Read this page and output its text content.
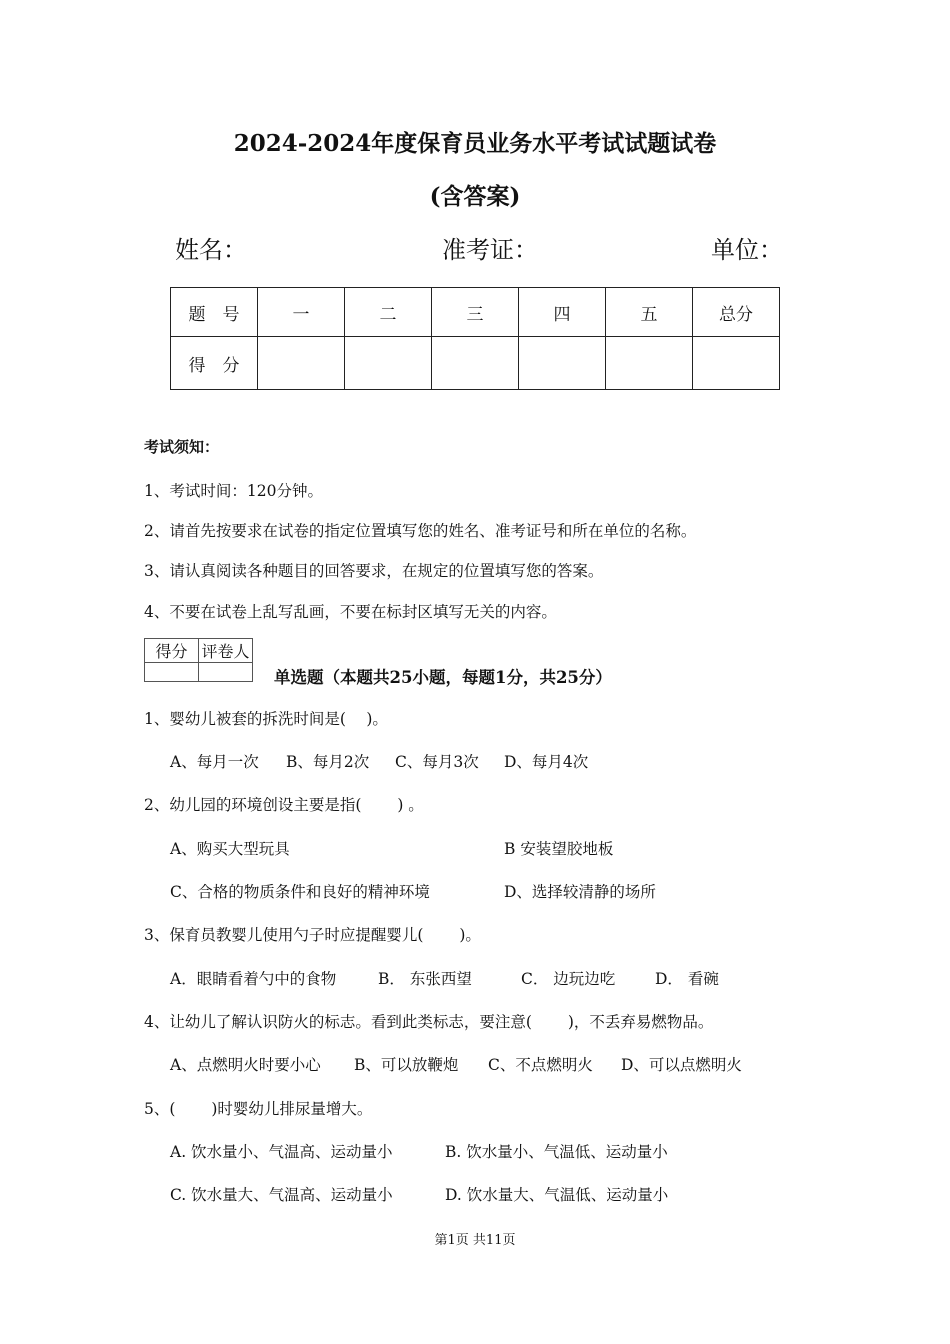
2024-2024年度保育员业务水平考试试题试卷
(含答案)
姓名：	准考证：	单位：
题　号	一	二	三	四	五	总分
得　分						
考试须知：
1、考试时间：120分钟。
2、请首先按要求在试卷的指定位置填写您的姓名、准考证号和所在单位的名称。
3、请认真阅读各种题目的回答要求，在规定的位置填写您的答案。
4、不要在试卷上乱写乱画，不要在标封区填写无关的内容。
得分	评卷人

单选题（本题共25小题，每题1分，共25分）
1、婴幼儿被套的拆洗时间是(　 )。
A、每月一次 B、每月2次 C、每月3次 D、每月4次
2、幼儿园的环境创设主要是指(　　 ) 。
A、购买大型玩具	B 安装望胶地板
C、合格的物质条件和良好的精神环境	D、选择较清静的场所
3、保育员教婴儿使用勺子时应提醒婴儿(　　 )。
A．眼睛看着勺中的食物	B． 东张西望	C． 边玩边吃	D． 看碗
4、让幼儿了解认识防火的标志。看到此类标志，要注意(　　 )，不丢弃易燃物品。
A、点燃明火时要小心 B、可以放鞭炮 C、不点燃明火 D、可以点燃明火
5、(　　 )时婴幼儿排尿量增大。
A. 饮水量小、气温高、运动量小	B. 饮水量小、气温低、运动量小
C. 饮水量大、气温高、运动量小	D. 饮水量大、气温低、运动量小
第1页 共11页
